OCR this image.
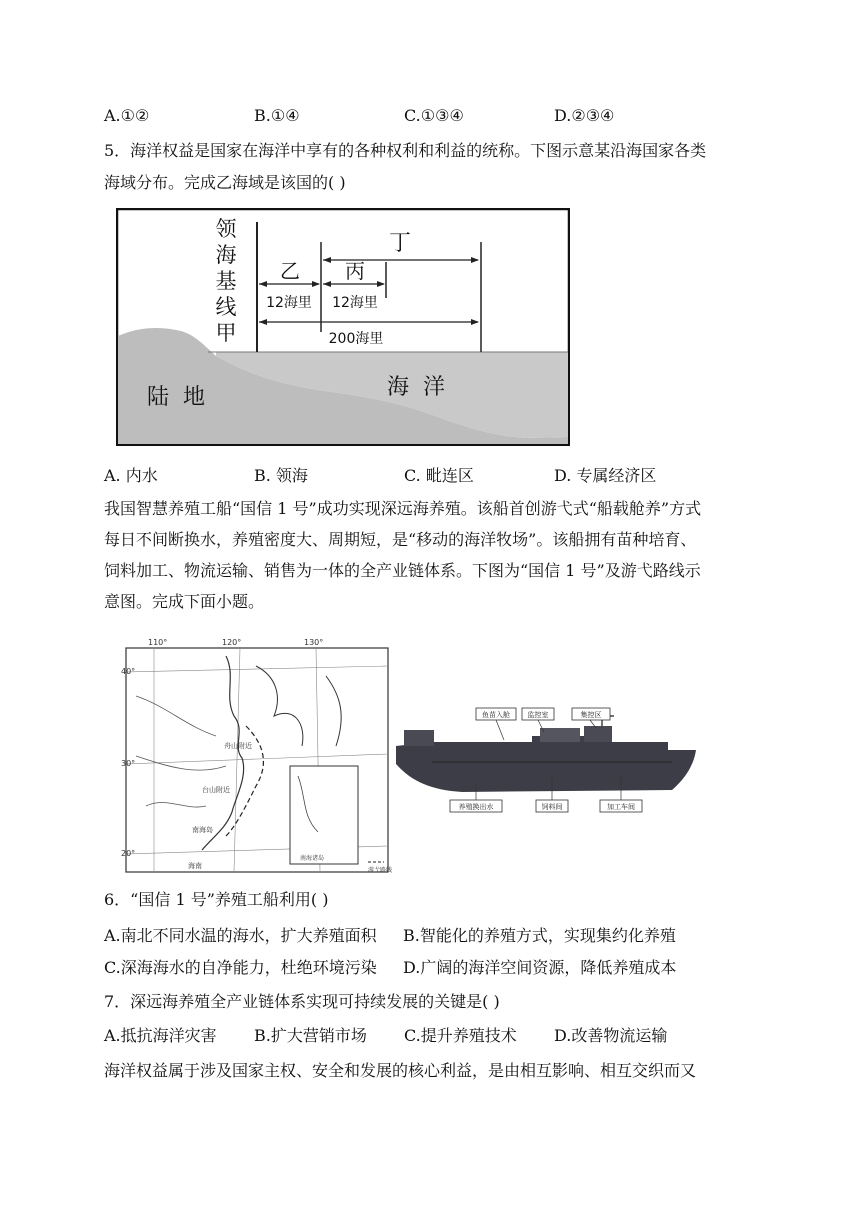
A.①②	B.①④	C.①③④	D.②③④
5．海洋权益是国家在海洋中享有的各种权利和利益的统称。下图示意某沿海国家各类
海域分布。完成乙海域是该国的( )
领
海
基
线
甲
丁
乙 丙
12海里 12海里
200海里
陆  地	海  洋
A. 内水	B. 领海	C. 毗连区	D. 专属经济区
我国智慧养殖工船“国信 1 号”成功实现深远海养殖。该船首创游弋式“船载舱养”方式
每日不间断换水，养殖密度大、周期短，是“移动的海洋牧场”。该船拥有苗种培育、
饲料加工、物流运输、销售为一体的全产业链体系。下图为“国信 1 号”及游弋路线示
意图。完成下面小题。
40°
30°
20°
110°	120°	130°
舟山附近
台山附近
南海岛
海南
南海诸岛
游弋路线
鱼苗入舱	监控室	集控区
养殖换出水	饲料间	加工车间
6．“国信 1 号”养殖工船利用( )
A.南北不同水温的海水，扩大养殖面积 B.智能化的养殖方式，实现集约化养殖
C.深海海水的自净能力，杜绝环境污染 D.广阔的海洋空间资源，降低养殖成本
7．深远海养殖全产业链体系实现可持续发展的关键是( )
A.抵抗海洋灾害 B.扩大营销市场 C.提升养殖技术 D.改善物流运输
海洋权益属于涉及国家主权、安全和发展的核心利益，是由相互影响、相互交织而又
